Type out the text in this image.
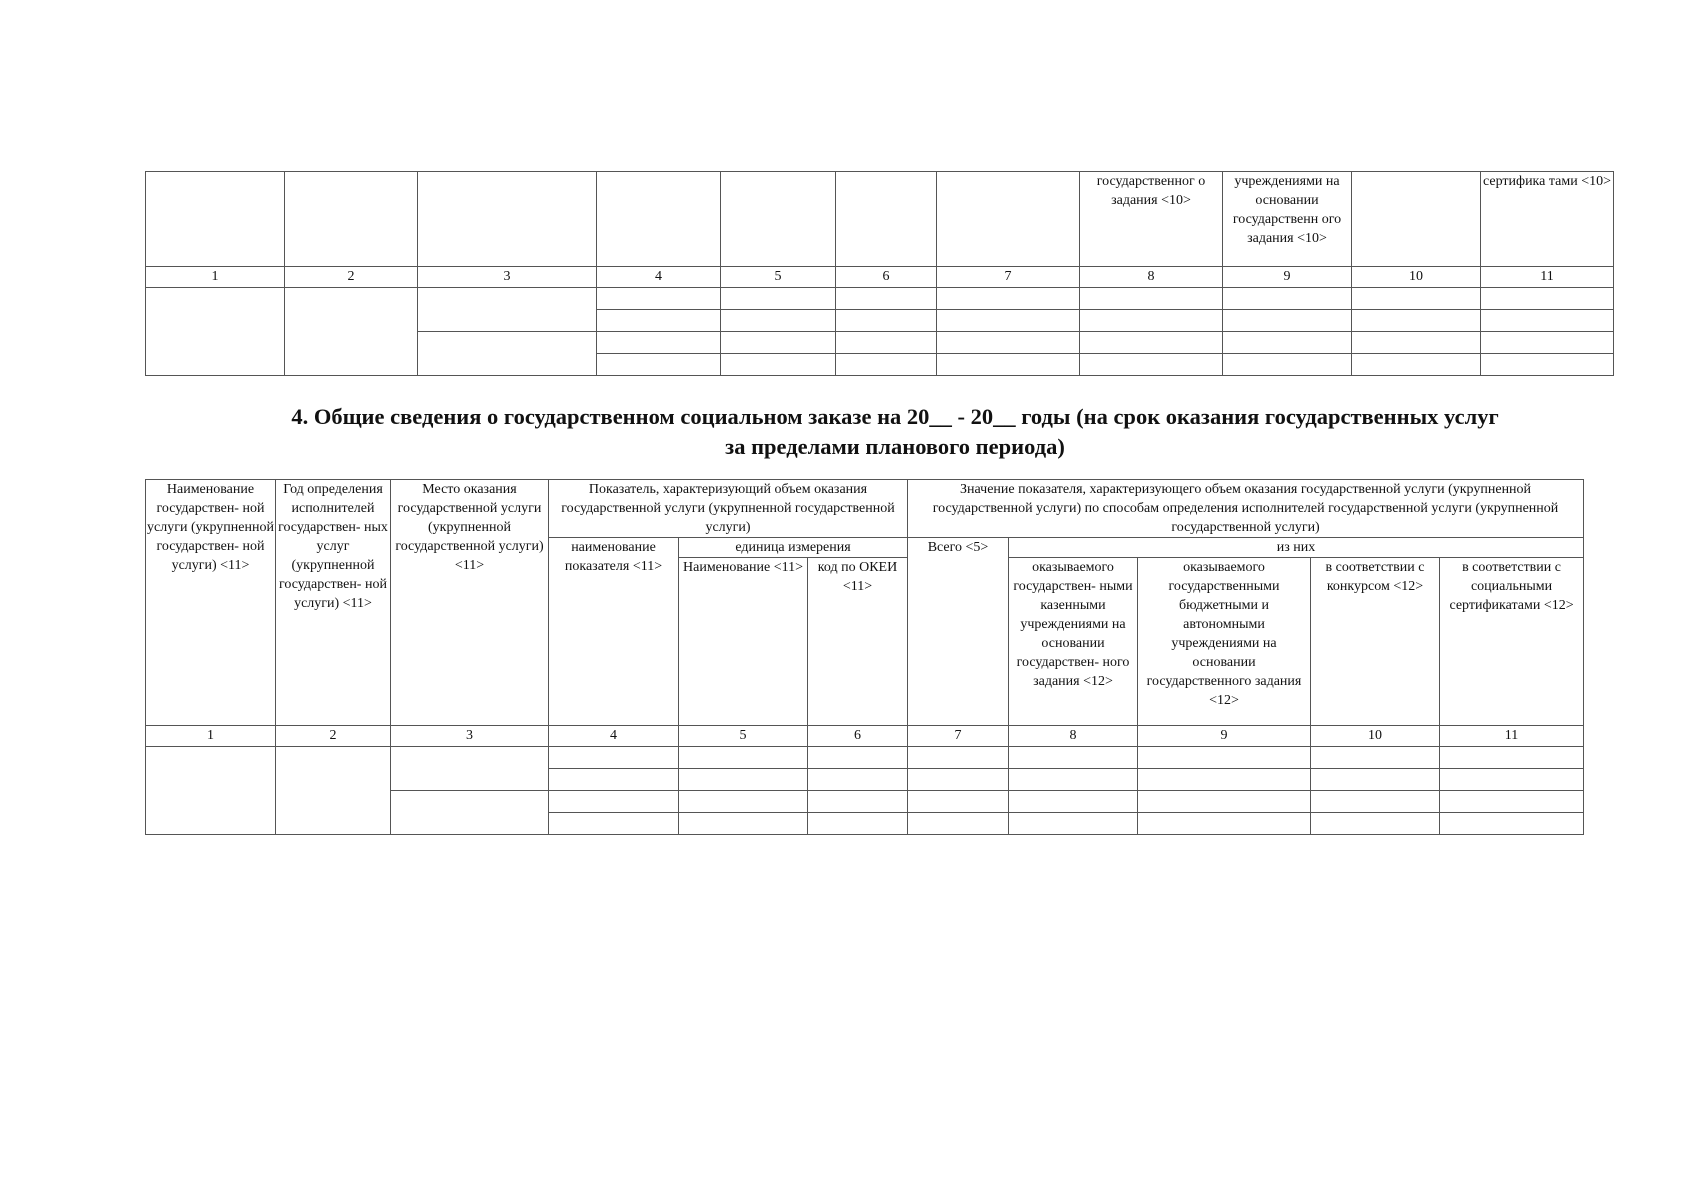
							государственног о задания <10>	учреждениями на основании государственн ого задания <10>		сертифика тами <10>
1	2	3	4	5	6	7	8	9	10	11

4. Общие сведения о государственном социальном заказе на 20__ - 20__ годы (на срок оказания государственных услуг
за пределами планового периода)
Наименование государствен- ной услуги (укрупненной государствен- ной услуги) <11>	Год определения исполнителей государствен- ных услуг (укрупненной государствен- ной услуги) <11>	Место оказания государственной услуги (укрупненной государственной услуги) <11>	Показатель, характеризующий объем оказания государственной услуги (укрупненной государственной услуги)			Значение показателя, характеризующего объем оказания государственной услуги (укрупненной государственной услуги) по способам определения исполнителей государственной услуги (укрупненной государственной услуги)				
			наименование показателя <11>	единица измерения		Всего <5>	из них			
				Наименование <11>	код по ОКЕИ <11>		оказываемого государствен- ными казенными учреждениями на основании государствен- ного задания <12>	оказываемого государственными бюджетными и автономными учреждениями на основании государственного задания <12>	в соответствии с конкурсом <12>	в соответствии с социальными сертификатами <12>
1	2	3	4	5	6	7	8	9	10	11
